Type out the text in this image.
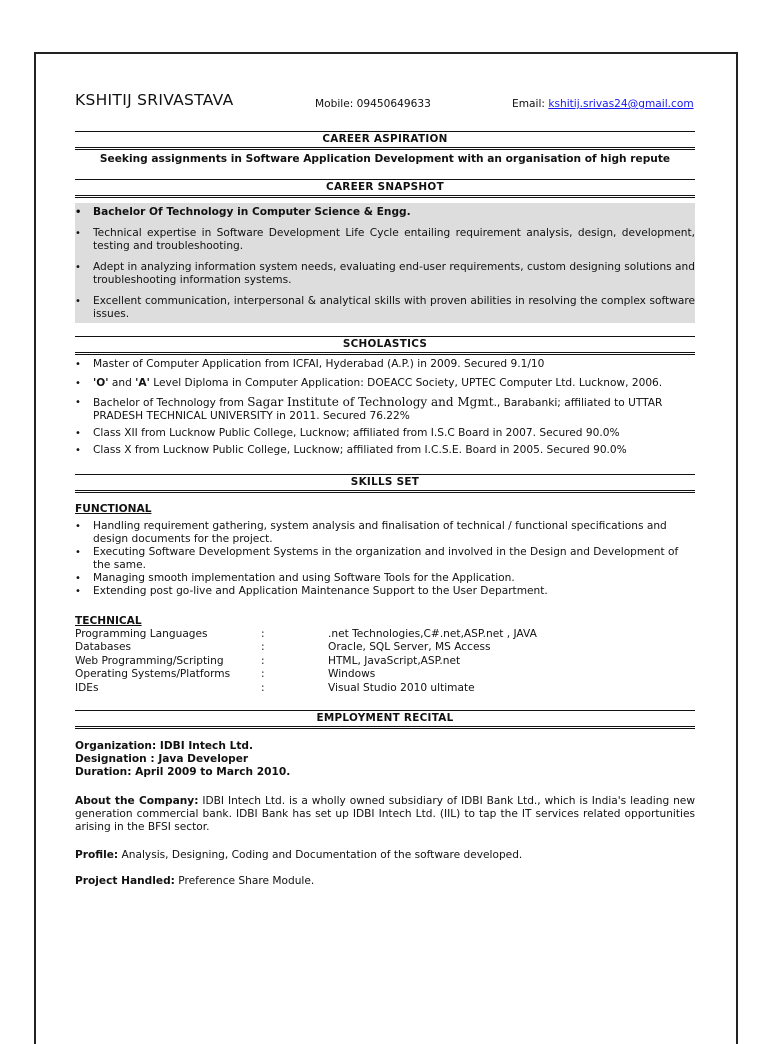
KSHITIJ SRIVASTAVA	Mobile: 09450649633	Email: kshitij.srivas24@gmail.com
CAREER ASPIRATION
Seeking assignments in Software Application Development with an organisation of high repute
CAREER SNAPSHOT
• Bachelor Of Technology in Computer Science & Engg.
• Technical expertise in Software Development Life Cycle entailing requirement analysis, design, development, testing and troubleshooting.
• Adept in analyzing information system needs, evaluating end-user requirements, custom designing solutions and troubleshooting information systems.
• Excellent communication, interpersonal & analytical skills with proven abilities in resolving the complex software issues.
SCHOLASTICS
• Master of Computer Application from ICFAI, Hyderabad (A.P.) in 2009. Secured 9.1/10
• 'O' and 'A' Level Diploma in Computer Application: DOEACC Society, UPTEC Computer Ltd. Lucknow, 2006.
• Bachelor of Technology from Sagar Institute of Technology and Mgmt., Barabanki; affiliated to UTTAR PRADESH TECHNICAL UNIVERSITY in 2011. Secured 76.22%
• Class XII from Lucknow Public College, Lucknow; affiliated from I.S.C Board in 2007. Secured 90.0%
• Class X from Lucknow Public College, Lucknow; affiliated from I.C.S.E. Board in 2005. Secured 90.0%
SKILLS SET
FUNCTIONAL
• Handling requirement gathering, system analysis and finalisation of technical / functional specifications and design documents for the project.
• Executing Software Development Systems in the organization and involved in the Design and Development of the same.
• Managing smooth implementation and using Software Tools for the Application.
• Extending post go-live and Application Maintenance Support to the User Department.
TECHNICAL
Programming Languages	:	.net Technologies,C#.net,ASP.net , JAVA
Databases	:	Oracle, SQL Server, MS Access
Web Programming/Scripting	:	HTML, JavaScript,ASP.net
Operating Systems/Platforms	:	Windows
IDEs	:	Visual Studio 2010 ultimate
EMPLOYMENT RECITAL
Organization: IDBI Intech Ltd.
Designation : Java Developer
Duration: April 2009 to March 2010.
About the Company: IDBI Intech Ltd. is a wholly owned subsidiary of IDBI Bank Ltd., which is India's leading new generation commercial bank. IDBI Bank has set up IDBI Intech Ltd. (IIL) to tap the IT services related opportunities arising in the BFSI sector.
Profile: Analysis, Designing, Coding and Documentation of the software developed.
Project Handled: Preference Share Module.
